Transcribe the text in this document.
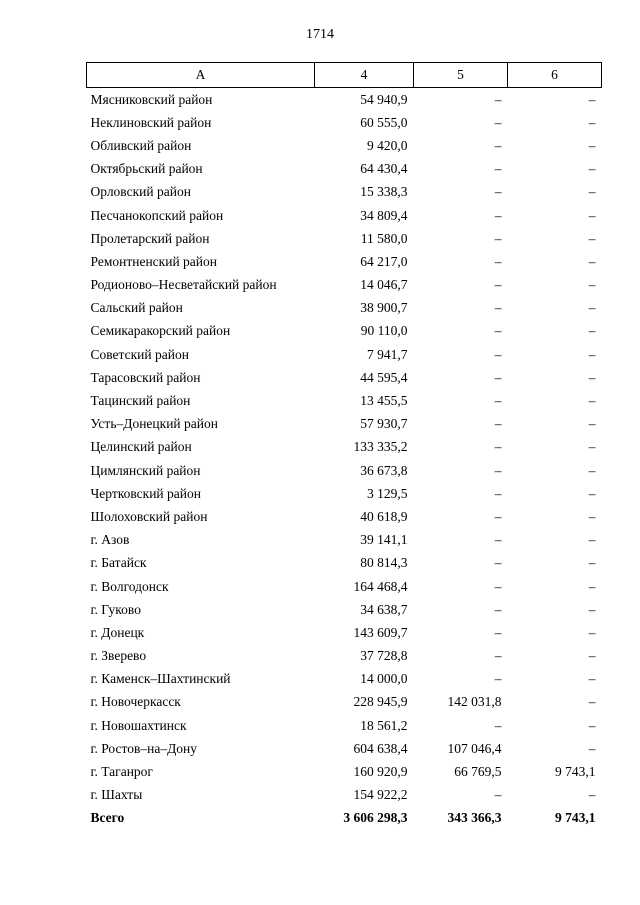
1714
А	4	5	6
Мясниковский район	54 940,9	–	–
Неклиновский район	60 555,0	–	–
Обливский район	9 420,0	–	–
Октябрьский район	64 430,4	–	–
Орловский район	15 338,3	–	–
Песчанокопский район	34 809,4	–	–
Пролетарский район	11 580,0	–	–
Ремонтненский район	64 217,0	–	–
Родионово–Несветайский район	14 046,7	–	–
Сальский район	38 900,7	–	–
Семикаракорский район	90 110,0	–	–
Советский район	7 941,7	–	–
Тарасовский район	44 595,4	–	–
Тацинский район	13 455,5	–	–
Усть–Донецкий район	57 930,7	–	–
Целинский район	133 335,2	–	–
Цимлянский район	36 673,8	–	–
Чертковский район	3 129,5	–	–
Шолоховский район	40 618,9	–	–
г. Азов	39 141,1	–	–
г. Батайск	80 814,3	–	–
г. Волгодонск	164 468,4	–	–
г. Гуково	34 638,7	–	–
г. Донецк	143 609,7	–	–
г. Зверево	37 728,8	–	–
г. Каменск–Шахтинский	14 000,0	–	–
г. Новочеркасск	228 945,9	142 031,8	–
г. Новошахтинск	18 561,2	–	–
г. Ростов–на–Дону	604 638,4	107 046,4	–
г. Таганрог	160 920,9	66 769,5	9 743,1
г. Шахты	154 922,2	–	–
Всего	3 606 298,3	343 366,3	9 743,1
